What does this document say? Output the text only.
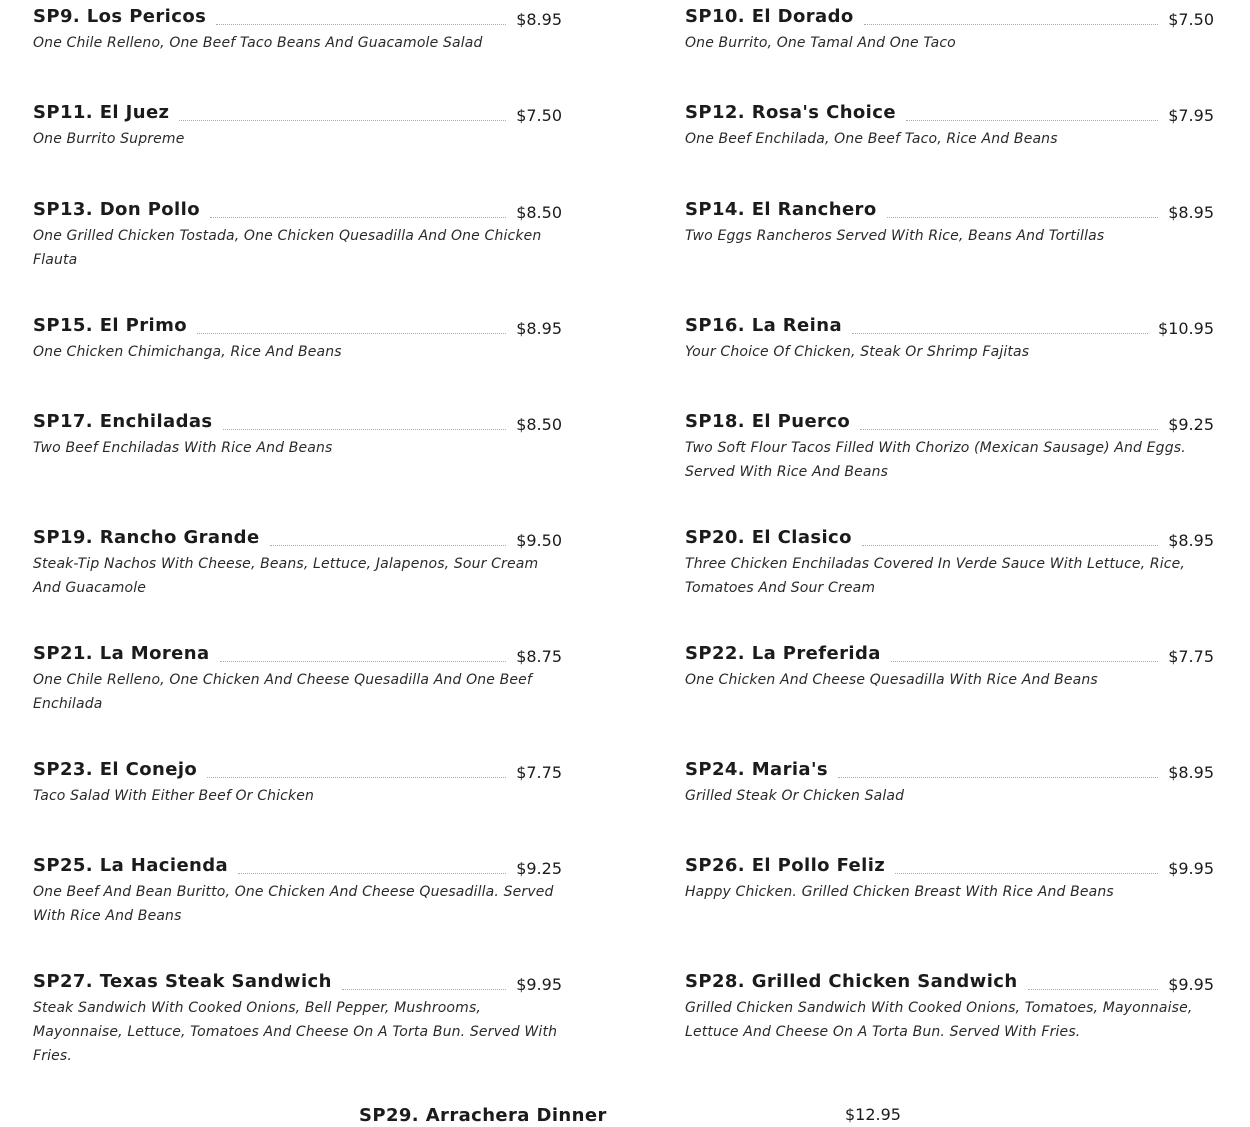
SP9. Los Pericos	$8.95
One Chile Relleno, One Beef Taco Beans And Guacamole Salad
SP10. El Dorado	$7.50
One Burrito, One Tamal And One Taco
SP11. El Juez	$7.50
One Burrito Supreme
SP12. Rosa's Choice	$7.95
One Beef Enchilada, One Beef Taco, Rice And Beans
SP13. Don Pollo	$8.50
One Grilled Chicken Tostada, One Chicken Quesadilla And One Chicken Flauta
SP14. El Ranchero	$8.95
Two Eggs Rancheros Served With Rice, Beans And Tortillas
SP15. El Primo	$8.95
One Chicken Chimichanga, Rice And Beans
SP16. La Reina	$10.95
Your Choice Of Chicken, Steak Or Shrimp Fajitas
SP17. Enchiladas	$8.50
Two Beef Enchiladas With Rice And Beans
SP18. El Puerco	$9.25
Two Soft Flour Tacos Filled With Chorizo (Mexican Sausage) And Eggs. Served With Rice And Beans
SP19. Rancho Grande	$9.50
Steak-Tip Nachos With Cheese, Beans, Lettuce, Jalapenos, Sour Cream And Guacamole
SP20. El Clasico	$8.95
Three Chicken Enchiladas Covered In Verde Sauce With Lettuce, Rice, Tomatoes And Sour Cream
SP21. La Morena	$8.75
One Chile Relleno, One Chicken And Cheese Quesadilla And One Beef Enchilada
SP22. La Preferida	$7.75
One Chicken And Cheese Quesadilla With Rice And Beans
SP23. El Conejo	$7.75
Taco Salad With Either Beef Or Chicken
SP24. Maria's	$8.95
Grilled Steak Or Chicken Salad
SP25. La Hacienda	$9.25
One Beef And Bean Buritto, One Chicken And Cheese Quesadilla. Served With Rice And Beans
SP26. El Pollo Feliz	$9.95
Happy Chicken. Grilled Chicken Breast With Rice And Beans
SP27. Texas Steak Sandwich	$9.95
Steak Sandwich With Cooked Onions, Bell Pepper, Mushrooms, Mayonnaise, Lettuce, Tomatoes And Cheese On A Torta Bun. Served With Fries.
SP28. Grilled Chicken Sandwich	$9.95
Grilled Chicken Sandwich With Cooked Onions, Tomatoes, Mayonnaise, Lettuce And Cheese On A Torta Bun. Served With Fries.
SP29. Arrachera Dinner	$12.95
